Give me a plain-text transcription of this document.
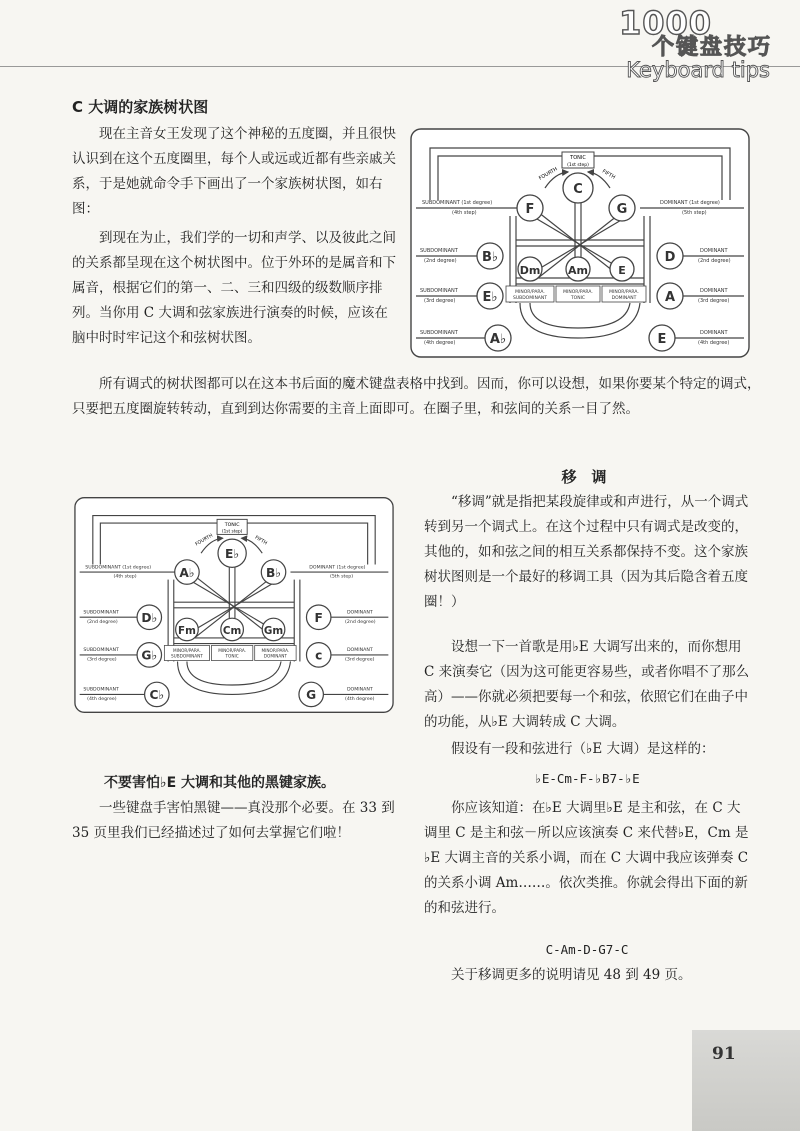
1000
个键盘技巧
Keyboard tips
C 大调的家族树状图

现在主音女王发现了这个神秘的五度圈，并且很快认识到在这个五度圈里，每个人或远或近都有些亲戚关系，于是她就命令手下画出了一个家族树状图，如右图：

到现在为止，我们学的一切和声学、以及彼此之间的关系都呈现在这个树状图中。位于外环的是属音和下属音，根据它们的第一、二、三和四级的级数顺序排列。当你用 C 大调和弦家族进行演奏的时候，应该在脑中时时牢记这个和弦树状图。

所有调式的树状图都可以在这本书后面的魔术键盘表格中找到。因而，你可以设想，如果你要某个特定的调式，只要把五度圈旋转转动，直到到达你需要的主音上面即可。在圈子里，和弦间的关系一目了然。

TONIC
(1st step)
FOURTH	FIFTH
C
F	G
B♭	D
E♭	A
A♭	E
Dm	Am	E
MINOR/PARA.
SUBDOMINANT
MINOR/PARA.
TONIC
MINOR/PARA.
DOMINANT
SUBDOMINANT (1st degree)
(4th step)
DOMINANT (1st degree)
(5th step)
SUBDOMINANT
(2nd degree)
DOMINANT
(2nd degree)
SUBDOMINANT
(3rd degree)
DOMINANT
(3rd degree)
SUBDOMINANT
(4th degree)
DOMINANT
(4th degree)
TONIC
(1st step)
FOURTH	FIFTH
E♭
A♭	B♭
D♭	F
G♭	c
C♭	G
Fm Cm Gm
MINOR/PARA.
SUBDOMINANT
MINOR/PARA.
TONIC
MINOR/PARA.
DOMINANT
SUBDOMINANT (1st degree)
(4th step)
DOMINANT (1st degree)
(5th step)
SUBDOMINANT
(2nd degree)
DOMINANT
(2nd degree)
SUBDOMINANT
(3rd degree)
DOMINANT
(3rd degree)
SUBDOMINANT
(4th degree)
DOMINANT
(4th degree)
移　调

“移调”就是指把某段旋律或和声进行，从一个调式转到另一个调式上。在这个过程中只有调式是改变的，其他的，如和弦之间的相互关系都保持不变。这个家族树状图则是一个最好的移调工具（因为其后隐含着五度圈！）

设想一下一首歌是用♭E 大调写出来的，而你想用 C 来演奏它（因为这可能更容易些，或者你唱不了那么高）——你就必须把要每一个和弦，依照它们在曲子中的功能，从♭E 大调转成 C 大调。

假设有一段和弦进行（♭E 大调）是这样的：

♭E-Cm-F-♭B7-♭E

你应该知道：在♭E 大调里♭E 是主和弦，在 C 大调里 C 是主和弦－所以应该演奏 C 来代替♭E，Cm 是♭E 大调主音的关系小调，而在 C 大调中我应该弹奏 C 的关系小调 Am……。依次类推。你就会得出下面的新的和弦进行。

C-Am-D-G7-C

关于移调更多的说明请见 48 到 49 页。

不要害怕♭E 大调和其他的黑键家族。

一些键盘手害怕黑键——真没那个必要。在 33 到 35 页里我们已经描述过了如何去掌握它们啦！

91
